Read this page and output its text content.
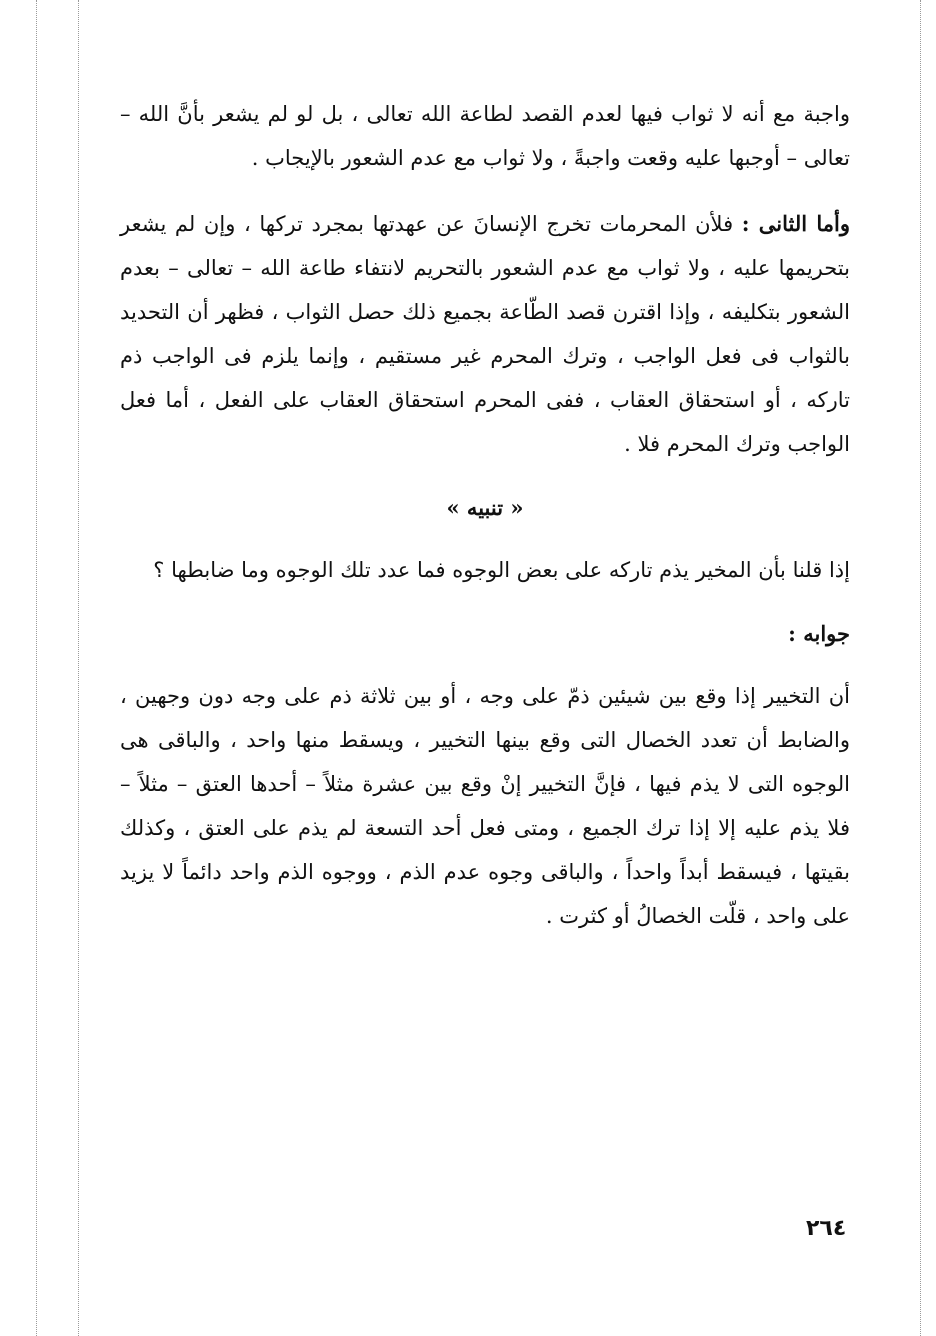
واجبة مع أنه لا ثواب فيها لعدم القصد لطاعة الله تعالى ، بل لو لم يشعر بأنَّ الله – تعالى – أوجبها عليه وقعت واجبةً ، ولا ثواب مع عدم الشعور بالإيجاب .

وأما الثانى : فلأن المحرمات تخرج الإنسانَ عن عهدتها بمجرد تركها ، وإن لم يشعر بتحريمها عليه ، ولا ثواب مع عدم الشعور بالتحريم لانتفاء طاعة الله – تعالى – بعدم الشعور بتكليفه ، وإذا اقترن قصد الطّاعة بجميع ذلك حصل الثواب ، فظهر أن التحديد بالثواب فى فعل الواجب ، وترك المحرم غير مستقيم ، وإنما يلزم فى الواجب ذم تاركه ، أو استحقاق العقاب ، ففى المحرم استحقاق العقاب على الفعل ، أما فعل الواجب وترك المحرم فلا .

« تنبيه »

إذا قلنا بأن المخير يذم تاركه على بعض الوجوه فما عدد تلك الوجوه وما ضابطها ؟

جوابه :

أن التخيير إذا وقع بين شيئين ذمّ على وجه ، أو بين ثلاثة ذم على وجه دون وجهين ، والضابط أن تعدد الخصال التى وقع بينها التخيير ، ويسقط منها واحد ، والباقى هى الوجوه التى لا يذم فيها ، فإنَّ التخيير إنْ وقع بين عشرة مثلاً – أحدها العتق – مثلاً – فلا يذم عليه إلا إذا ترك الجميع ، ومتى فعل أحد التسعة لم يذم على العتق ، وكذلك بقيتها ، فيسقط أبداً واحداً ، والباقى وجوه عدم الذم ، ووجوه الذم واحد دائماً لا يزيد على واحد ، قلّت الخصالُ أو كثرت .

٢٦٤
